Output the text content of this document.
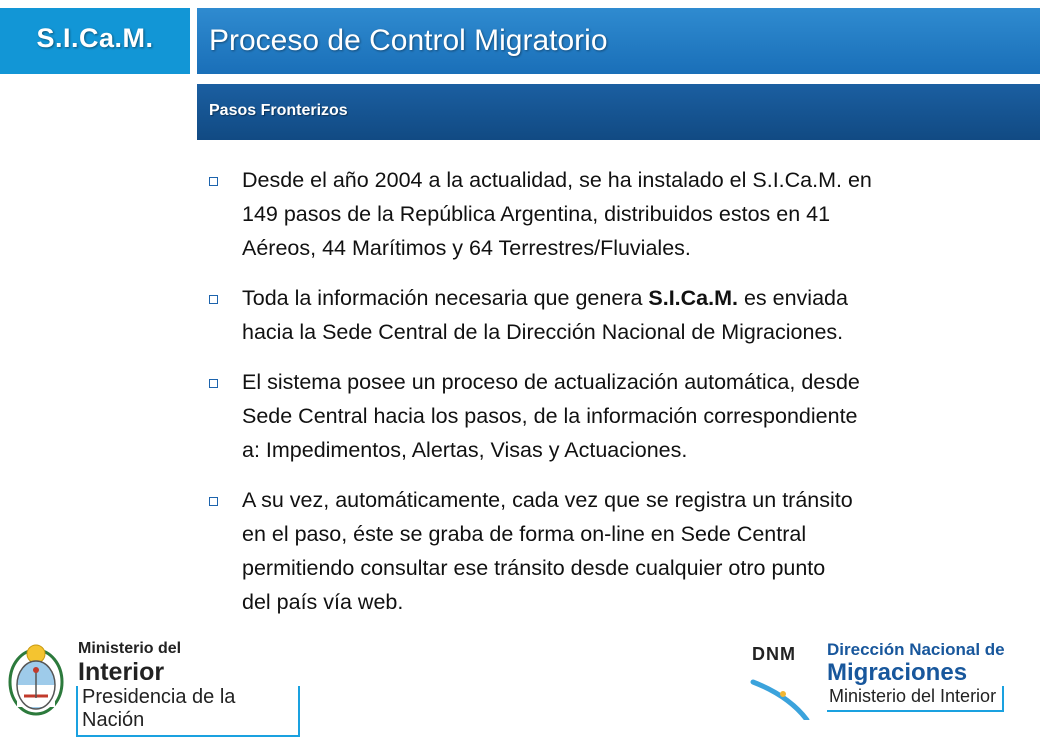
S.I.Ca.M. Proceso de Control Migratorio
Pasos Fronterizos
Desde el año 2004 a la actualidad, se ha instalado el S.I.Ca.M. en
149 pasos de la República Argentina, distribuidos estos en 41
Aéreos, 44 Marítimos y 64 Terrestres/Fluviales.
Toda la información necesaria que genera S.I.Ca.M. es enviada
hacia la Sede Central de la Dirección Nacional de Migraciones.
El sistema posee un proceso de actualización automática, desde
Sede Central hacia los pasos, de la información correspondiente
a: Impedimentos, Alertas, Visas y Actuaciones.
A su vez, automáticamente, cada vez que se registra un tránsito
en el paso, éste se graba de forma on-line en Sede Central
permitiendo consultar ese tránsito desde cualquier otro punto
del país vía web.
Ministerio del
Interior
Presidencia de la Nación
DNM Dirección Nacional de
Migraciones
Ministerio del Interior
